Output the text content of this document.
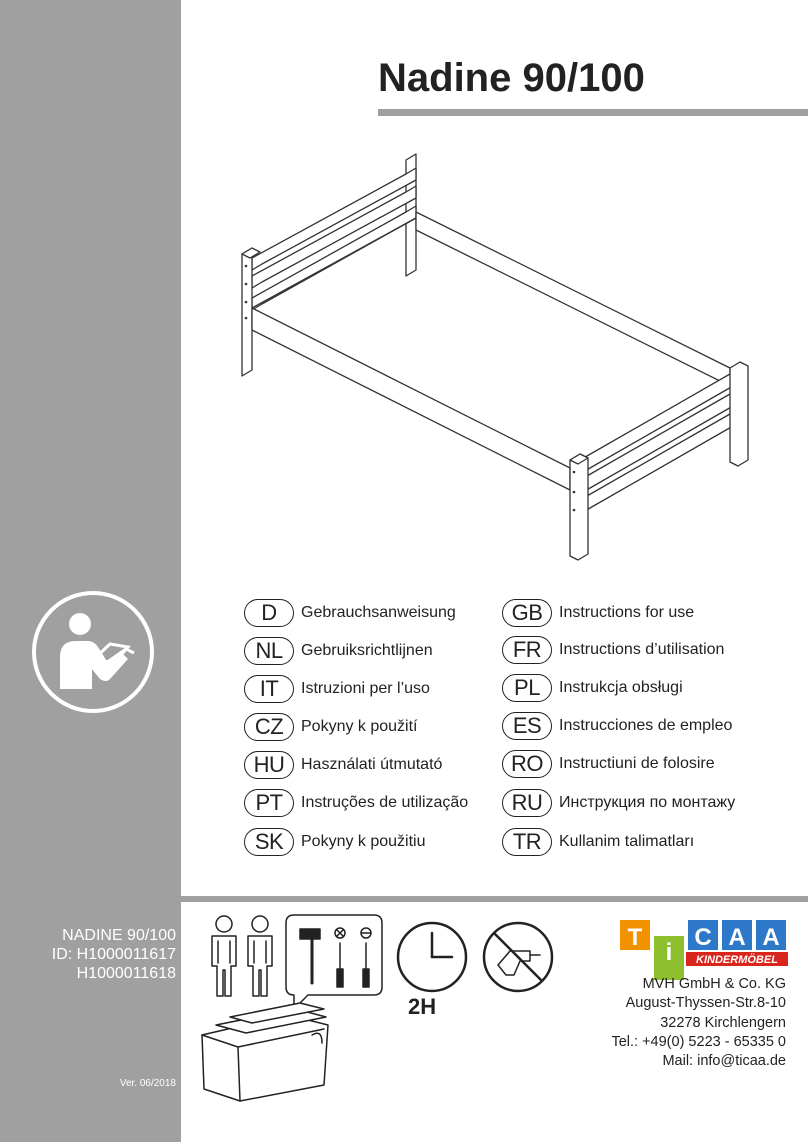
Nadine 90/100
D	Gebrauchsanweisung
NL	Gebruiksrichtlijnen
IT	Istruzioni per l’uso
CZ	Pokyny k použití
HU	Használati útmutató
PT	Instruções de utilização
SK	Pokyny k použitiu
GB	Instructions for use
FR	Instructions d’utilisation
PL	Instrukcja obsługi
ES	Instrucciones de empleo
RO	Instructiuni de folosire
RU	Инструкция по монтажу
TR	Kullanim talimatları
NADINE 90/100
ID: H1000011617
H1000011618
Ver. 06/2018
2H
T
i
C A A
KINDERMÖBEL
MVH GmbH & Co. KG
August-Thyssen-Str.8-10
32278 Kirchlengern
Tel.: +49(0) 5223 - 65335 0
Mail: info@ticaa.de
